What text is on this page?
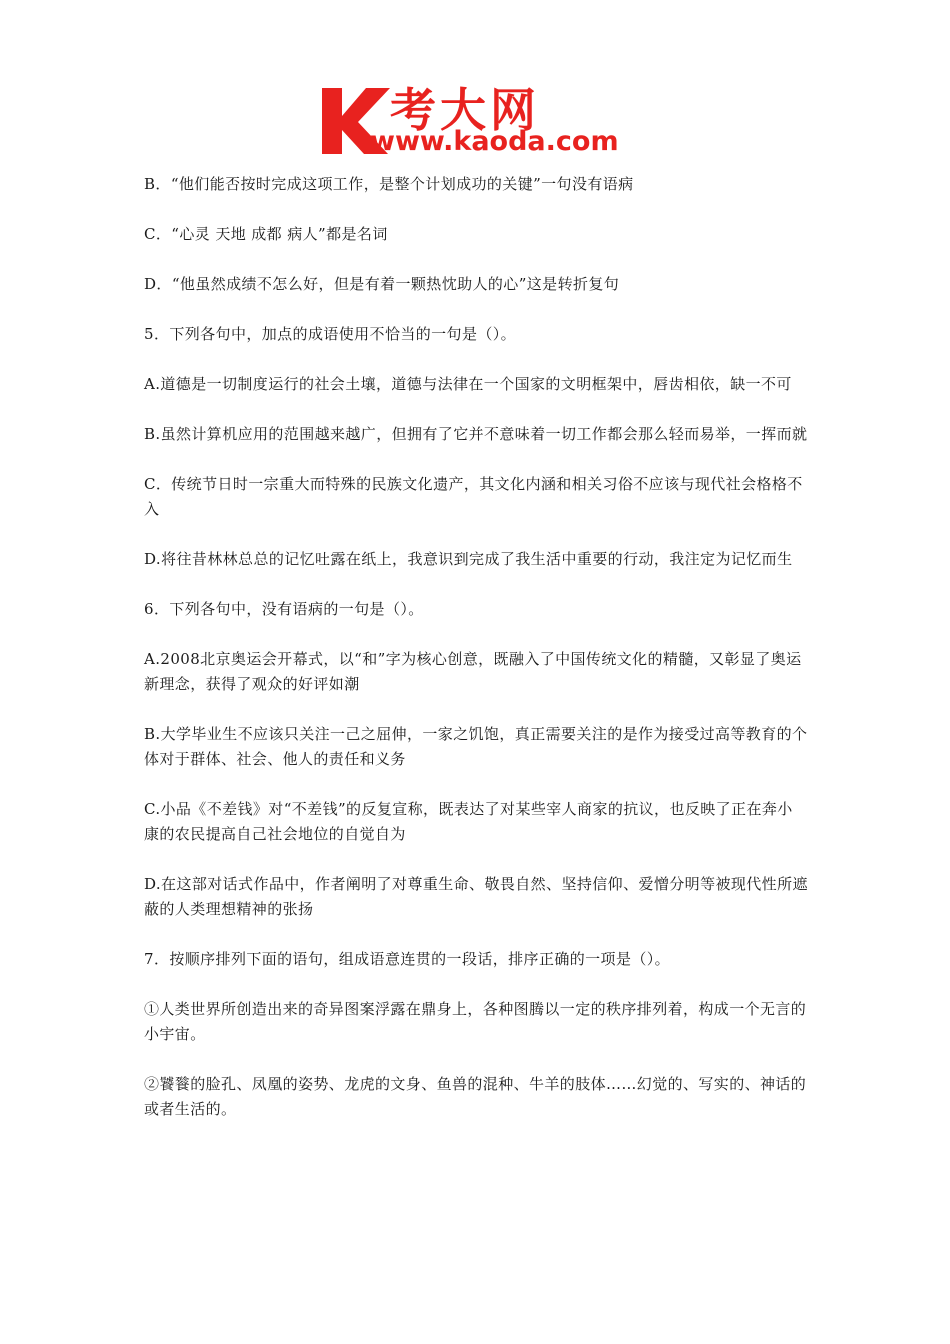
考大网
www.kaoda.com

B．“他们能否按时完成这项工作，是整个计划成功的关键”一句没有语病

C．“心灵 天地 成都 病人”都是名词

D．“他虽然成绩不怎么好，但是有着一颗热忱助人的心”这是转折复句

5．下列各句中，加点的成语使用不恰当的一句是（）。

A.道德是一切制度运行的社会土壤，道德与法律在一个国家的文明框架中，唇齿相依，缺一不可

B.虽然计算机应用的范围越来越广，但拥有了它并不意味着一切工作都会那么轻而易举，一挥而就

C．传统节日时一宗重大而特殊的民族文化遗产，其文化内涵和相关习俗不应该与现代社会格格不入

D.将往昔林林总总的记忆吐露在纸上，我意识到完成了我生活中重要的行动，我注定为记忆而生

6．下列各句中，没有语病的一句是（）。

A.2008北京奥运会开幕式，以“和”字为核心创意，既融入了中国传统文化的精髓，又彰显了奥运新理念，获得了观众的好评如潮

B.大学毕业生不应该只关注一己之屈伸，一家之饥饱，真正需要关注的是作为接受过高等教育的个体对于群体、社会、他人的责任和义务

C.小品《不差钱》对“不差钱”的反复宣称，既表达了对某些宰人商家的抗议，也反映了正在奔小康的农民提高自己社会地位的自觉自为

D.在这部对话式作品中，作者阐明了对尊重生命、敬畏自然、坚持信仰、爱憎分明等被现代性所遮蔽的人类理想精神的张扬

7．按顺序排列下面的语句，组成语意连贯的一段话，排序正确的一项是（）。

①人类世界所创造出来的奇异图案浮露在鼎身上，各种图腾以一定的秩序排列着，构成一个无言的小宇宙。

②饕餮的脸孔、凤凰的姿势、龙虎的文身、鱼兽的混种、牛羊的肢体……幻觉的、写实的、神话的或者生活的。
